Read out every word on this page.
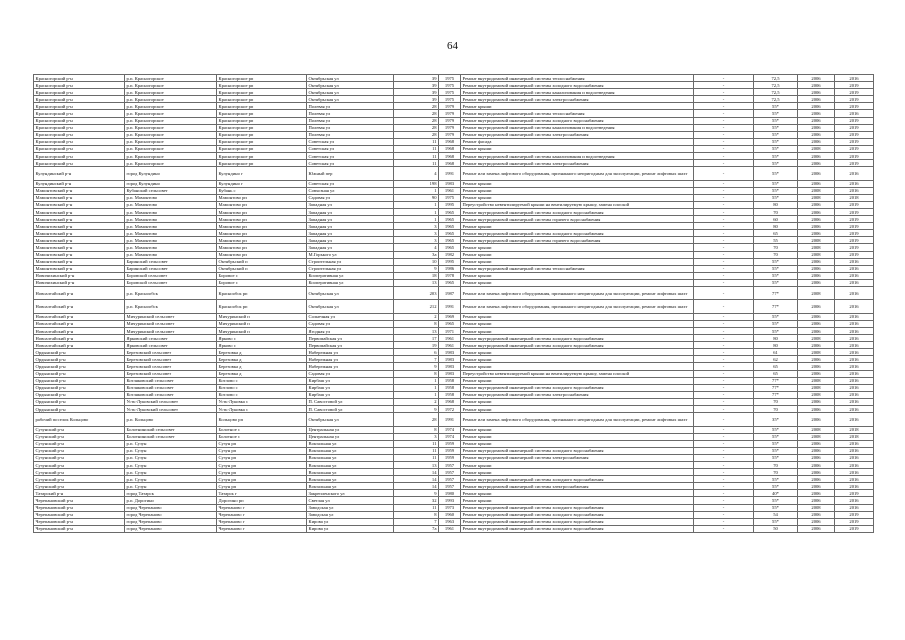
64
Красногорский р-н	р.п. Красногорское	Красногорское рп	Октябрьская ул	39	1975	Ремонт внутридомовой инженерной системы теплоснабжения	-	72,5	2006	2016
Красногорский р-н	р.п. Красногорское	Красногорское рп	Октябрьская ул	39	1975	Ремонт внутридомовой инженерной системы холодного водоснабжения	-	72,5	2006	2019
Красногорский р-н	р.п. Красногорское	Красногорское рп	Октябрьская ул	39	1975	Ремонт внутридомовой инженерной системы канализования и водоотведения	-	72,5	2006	2019
Красногорский р-н	р.п. Красногорское	Красногорское рп	Октябрьская ул	39	1975	Ремонт внутридомовой инженерной системы электроснабжения	-	72,5	2006	2019
Красногорский р-н	р.п. Красногорское	Красногорское рп	Полевая ул	28	1979	Ремонт крыши	-	55*	2006	2019
Красногорский р-н	р.п. Красногорское	Красногорское рп	Полевая ул	28	1979	Ремонт внутридомовой инженерной системы теплоснабжения	-	55*	2006	2016
Красногорский р-н	р.п. Красногорское	Красногорское рп	Полевая ул	28	1979	Ремонт внутридомовой инженерной системы холодного водоснабжения	-	55*	2006	2019
Красногорский р-н	р.п. Красногорское	Красногорское рп	Полевая ул	28	1979	Ремонт внутридомовой инженерной системы канализования и водоотведения	-	55*	2006	2019
Красногорский р-н	р.п. Красногорское	Красногорское рп	Полевая ул	28	1979	Ремонт внутридомовой инженерной системы электроснабжения	-	55*	2006	2019
Красногорский р-н	р.п. Красногорское	Красногорское рп	Советская ул	11	1968	Ремонт фасада	-	55*	2006	2019
Красногорский р-н	р.п. Красногорское	Красногорское рп	Советская ул	11	1968	Ремонт крыши	-	55*	2008	2019
Красногорский р-н	р.п. Красногорское	Красногорское рп	Советская ул	11	1968	Ремонт внутридомовой инженерной системы канализования и водоотведения	-	55*	2006	2019
Красногорский р-н	р.п. Красногорское	Красногорское рп	Советская ул	11	1968	Ремонт внутридомовой инженерной системы электроснабжения	-	55*	2006	2019
Кулундинский р-н	город Кулундино	Кулундино г	Южный пер	4	1991	Ремонт или замена лифтового оборудования, признанного непригодным для эксплуатации, ремонт лифтовых шахт	-	55*	2006	2016
Кулундинский р-н	город Кулундино	Кулундино г	Советская ул	198	1983	Ремонт крыши	-	55*	2006	2016
Мамонтовский р-н	Кубанский сельсовет	Кубань с	Совхозная ул	1	1961	Ремонт крыши	-	55*	2008	2016
Мамонтовский р-н	р.п. Мамонтово	Мамонтово рп	Садовая ул	90	1975	Ремонт крыши	-	55*	2008	2018
Мамонтовский р-н	р.п. Мамонтово	Мамонтово рп	Западная ул	1	1995	Переустройство невентилируемой крыши на вентилируемую крышу, замена плоской	-	80	2006	2019
Мамонтовский р-н	р.п. Мамонтово	Мамонтово рп	Западная ул	1	1965	Ремонт внутридомовой инженерной системы холодного водоснабжения	-	70	2006	2019
Мамонтовский р-н	р.п. Мамонтово	Мамонтово рп	Западная ул	1	1965	Ремонт внутридомовой инженерной системы горячего водоснабжения	-	60	2006	2019
Мамонтовский р-н	р.п. Мамонтово	Мамонтово рп	Западная ул	3	1965	Ремонт крыши	-	80	2006	2019
Мамонтовский р-н	р.п. Мамонтово	Мамонтово рп	Западная ул	3	1965	Ремонт внутридомовой инженерной системы холодного водоснабжения	-	65	2006	2019
Мамонтовский р-н	р.п. Мамонтово	Мамонтово рп	Западная ул	3	1965	Ремонт внутридомовой инженерной системы горячего водоснабжения	-	55	2008	2019
Мамонтовский р-н	р.п. Мамонтово	Мамонтово рп	Западная ул	4	1965	Ремонт крыши	-	70	2008	2019
Мамонтовский р-н	р.п. Мамонтово	Мамонтово рп	М.Горького ул	3а	1982	Ремонт крыши	-	70	2008	2019
Мамонтовский р-н	Баринский сельсовет	Октябрьский п	Строительная ул	10	1995	Ремонт крыши	-	55*	2006	2016
Мамонтовский р-н	Баринский сельсовет	Октябрьский п	Строительная ул	9	1986	Ремонт внутридомовой инженерной системы теплоснабжения	-	55*	2006	2016
Новичихинский р-н	Боровской сельсовет	Боровое с	Кооперативная ул	18	1978	Ремонт крыши	-	55*	2006	2016
Новичихинский р-н	Боровской сельсовет	Боровое с	Кооперативная ул	13	1965	Ремонт крыши	-	55*	2006	2016
Новоалтайский р-н	р.п. Краснообск	Краснообск рп	Октябрьская ул	203	1987	Ремонт или замена лифтового оборудования, признанного непригодным для эксплуатации, ремонт лифтовых шахт	-	77*	2008	2016
Новоалтайский р-н	р.п. Краснообск	Краснообск рп	Октябрьская ул	212	1991	Ремонт или замена лифтового оборудования, признанного непригодным для эксплуатации, ремонт лифтовых шахт	-	77*	2006	2016
Новоалтайский р-н	Мичуринский сельсовет	Мичуринский п	Солнечная ул	2	1969	Ремонт крыши	-	55*	2006	2016
Новоалтайский р-н	Мичуринский сельсовет	Мичуринский п	Садовая ул	8	1965	Ремонт крыши	-	55*	2006	2016
Новоалтайский р-н	Мичуринский сельсовет	Мичуринский п	Ягодная ул	13	1971	Ремонт крыши	-	55*	2006	2016
Новоалтайский р-н	Ярковский сельсовет	Ярково с	Первомайская ул	17	1961	Ремонт внутридомовой инженерной системы холодного водоснабжения	-	80	2008	2016
Новоалтайский р-н	Ярковский сельсовет	Ярково с	Первомайская ул	19	1961	Ремонт внутридомовой инженерной системы холодного водоснабжения	-	80	2006	2016
Ордынский р-н	Березовский сельсовет	Березовка д	Набережная ул	6	1983	Ремонт крыши	-	61	2008	2016
Ордынский р-н	Березовский сельсовет	Березовка д	Набережная ул	7	1983	Ремонт крыши	-	62	2006	2016
Ордынский р-н	Березовский сельсовет	Березовка д	Набережная ул	9	1983	Ремонт крыши	-	65	2006	2016
Ордынский р-н	Березовский сельсовет	Березовка д	Садовая ул	8	1983	Переустройство невентилируемой крыши на вентилируемую крышу, замена плоской	-	65	2006	2016
Ордынский р-н	Котляковский сельсовет	Котлово с	Кирбаш ул	1	1958	Ремонт крыши	-	77*	2008	2016
Ордынский р-н	Котляковский сельсовет	Котлово с	Кирбаш ул	1	1958	Ремонт внутридомовой инженерной системы холодного водоснабжения	-	77*	2008	2016
Ордынский р-н	Котляковский сельсовет	Котлово с	Кирбаш ул	1	1958	Ремонт внутридомовой инженерной системы электроснабжения	-	77*	2008	2016
Ордынский р-н	Усть-Луковский сельсовет	Усть-Луковка с	П. Савостовой ул	2	1968	Ремонт крыши	-	70	2006	2016
Ордынский р-н	Усть-Луковский сельсовет	Усть-Луковка с	П. Савостовой ул	9	1972	Ремонт крыши	-	70	2006	2016
рабочий поселок Кольцово	р.п. Кольцово	Кольцово рп	Октябрьская ул	28	1991	Ремонт или замена лифтового оборудования, признанного непригодным для эксплуатации, ремонт лифтовых шахт	-	35*	2006	2016
Сузунский р-н	Болотнинский сельсовет	Болотное с	Центральная ул	8	1974	Ремонт крыши	-	55*	2008	2018
Сузунский р-н	Болотнинский сельсовет	Болотное с	Центральная ул	3	1974	Ремонт крыши	-	55*	2008	2018
Сузунский р-н	р.п. Сузун	Сузун рп	Вокзальная ул	11	1959	Ремонт крыши	-	55*	2006	2016
Сузунский р-н	р.п. Сузун	Сузун рп	Вокзальная ул	11	1959	Ремонт внутридомовой инженерной системы холодного водоснабжения	-	55*	2006	2016
Сузунский р-н	р.п. Сузун	Сузун рп	Вокзальная ул	11	1959	Ремонт внутридомовой инженерной системы электроснабжения	-	55*	2006	2016
Сузунский р-н	р.п. Сузун	Сузун рп	Вокзальная ул	13	1957	Ремонт крыши	-	70	2006	2016
Сузунский р-н	р.п. Сузун	Сузун рп	Вокзальная ул	14	1957	Ремонт крыши	-	70	2006	2016
Сузунский р-н	р.п. Сузун	Сузун рп	Вокзальная ул	14	1957	Ремонт внутридомовой инженерной системы холодного водоснабжения	-	55*	2006	2016
Сузунский р-н	р.п. Сузун	Сузун рп	Вокзальная ул	14	1957	Ремонт внутридомовой инженерной системы электроснабжения	-	55*	2006	2016
Татарский р-н	город Татарск	Татарск г	Закрепленского ул	9	1980	Ремонт крыши	-	40*	2006	2019
Черепановский р-н	р.п. Дорогино	Дорогино рп	Светлая ул	32	1993	Ремонт крыши	-	55*	2006	2016
Черепановский р-н	город Черепаново	Черепаново г	Заводская ул	11	1973	Ремонт внутридомовой инженерной системы холодного водоснабжения	-	55*	2008	2016
Черепановский р-н	город Черепаново	Черепаново г	Заводская ул	8	1960	Ремонт внутридомовой инженерной системы холодного водоснабжения	-	54	2006	2019
Черепановский р-н	город Черепаново	Черепаново г	Кирова ул	7	1963	Ремонт внутридомовой инженерной системы холодного водоснабжения	-	55*	2006	2019
Черепановский р-н	город Черепаново	Черепаново г	Кирова ул	7а	1961	Ремонт внутридомовой инженерной системы холодного водоснабжения	-	50	2006	2019
